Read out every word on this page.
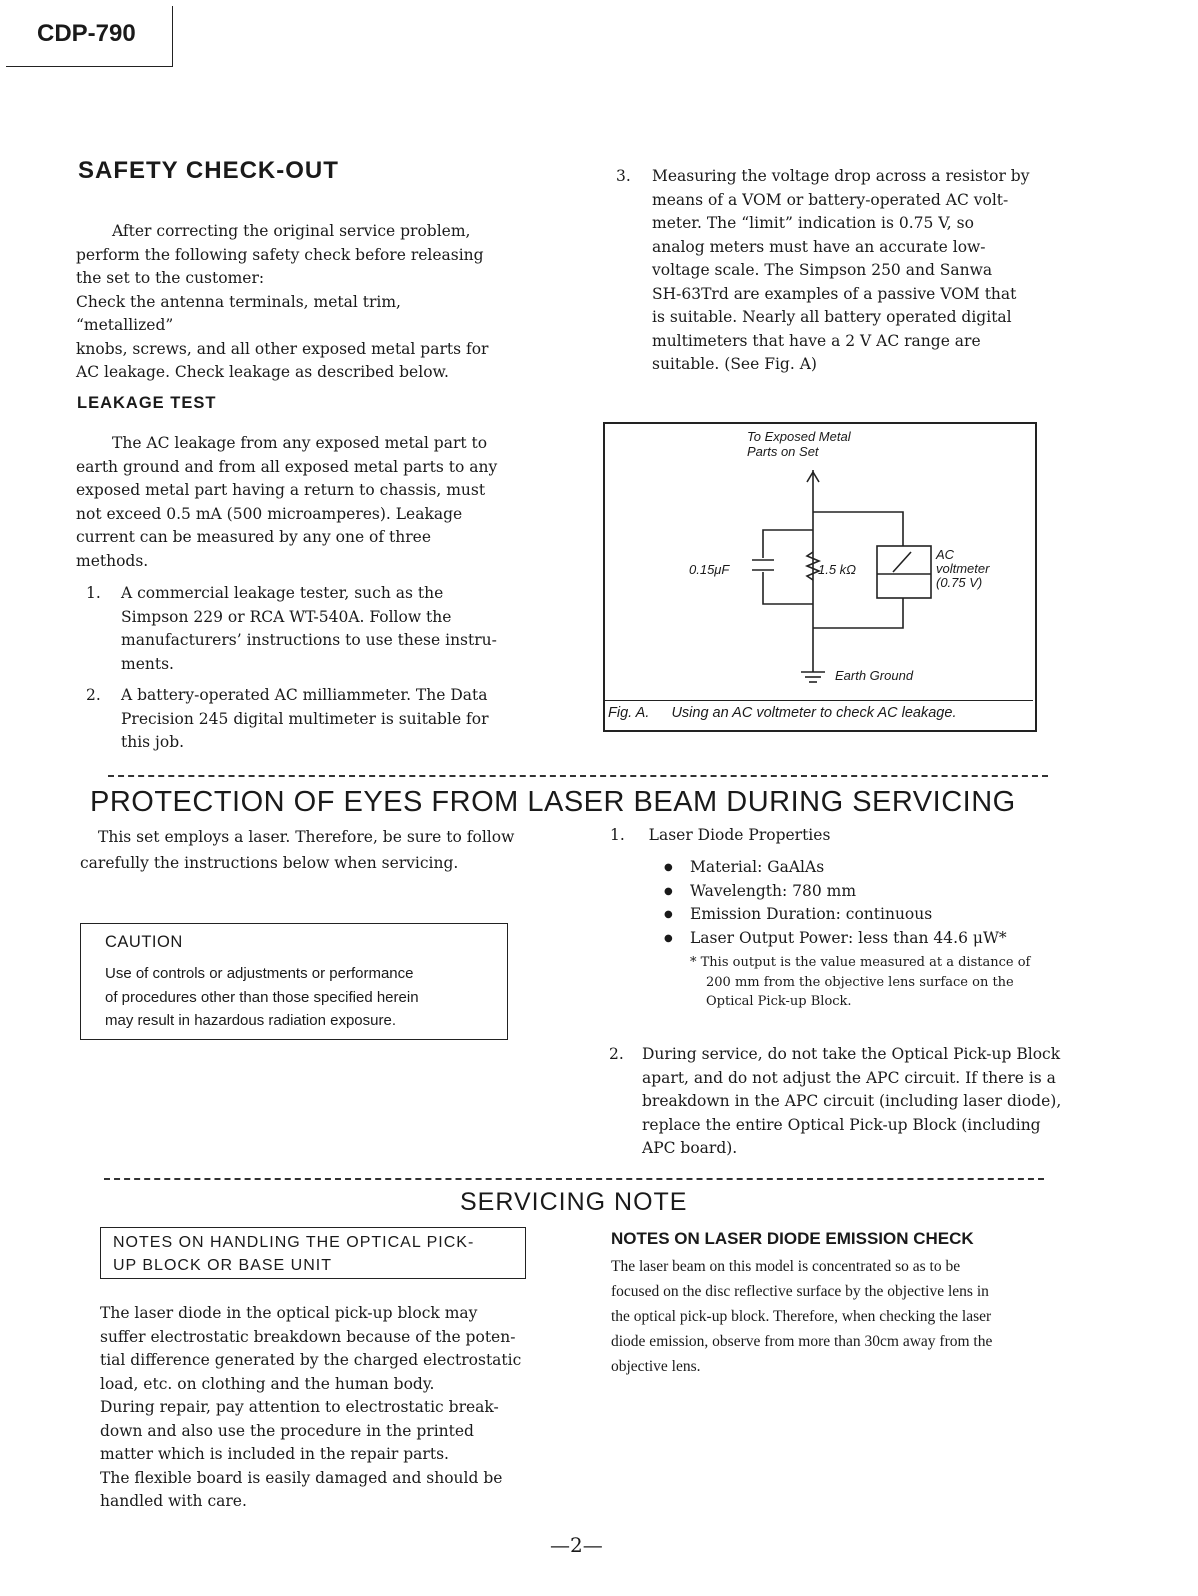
CDP-790
SAFETY CHECK-OUT
After correcting the original service problem,
perform the following safety check before releasing
the set to the customer:
Check the antenna terminals, metal trim, “metallized”
knobs, screws, and all other exposed metal parts for
AC leakage. Check leakage as described below.
LEAKAGE TEST
The AC leakage from any exposed metal part to
earth ground and from all exposed metal parts to any
exposed metal part having a return to chassis, must
not exceed 0.5 mA (500 microamperes). Leakage
current can be measured by any one of three
methods.
1.	A commercial leakage tester, such as the
Simpson 229 or RCA WT-540A. Follow the
manufacturers’ instructions to use these instru-
ments.
2.	A battery-operated AC milliammeter. The Data
Precision 245 digital multimeter is suitable for
this job.
3.	Measuring the voltage drop across a resistor by
means of a VOM or battery-operated AC volt-
meter. The “limit” indication is 0.75 V, so
analog meters must have an accurate low-
voltage scale. The Simpson 250 and Sanwa
SH-63Trd are examples of a passive VOM that
is suitable. Nearly all battery operated digital
multimeters that have a 2 V AC range are
suitable. (See Fig. A)
To Exposed Metal
Parts on Set
0.15μF	1.5 kΩ
AC
voltmeter
(0.75 V)
Earth Ground
Fig. A. Using an AC voltmeter to check AC leakage.
PROTECTION OF EYES FROM LASER BEAM DURING SERVICING
This set employs a laser. Therefore, be sure to follow
carefully the instructions below when servicing.
CAUTION
Use of controls or adjustments or performance
of procedures other than those specified herein
may result in hazardous radiation exposure.
1. Laser Diode Properties
● Material: GaAlAs
● Wavelength: 780 mm
● Emission Duration: continuous
● Laser Output Power: less than 44.6 μW*
* This output is the value measured at a distance of
200 mm from the objective lens surface on the
Optical Pick-up Block.
2. During service, do not take the Optical Pick-up Block
apart, and do not adjust the APC circuit. If there is a
breakdown in the APC circuit (including laser diode),
replace the entire Optical Pick-up Block (including
APC board).
SERVICING NOTE
NOTES ON HANDLING THE OPTICAL PICK-
UP BLOCK OR BASE UNIT
The laser diode in the optical pick-up block may
suffer electrostatic breakdown because of the poten-
tial difference generated by the charged electrostatic
load, etc. on clothing and the human body.
During repair, pay attention to electrostatic break-
down and also use the procedure in the printed
matter which is included in the repair parts.
The flexible board is easily damaged and should be
handled with care.
NOTES ON LASER DIODE EMISSION CHECK
The laser beam on this model is concentrated so as to be
focused on the disc reflective surface by the objective lens in
the optical pick-up block. Therefore, when checking the laser
diode emission, observe from more than 30cm away from the
objective lens.
—2—
